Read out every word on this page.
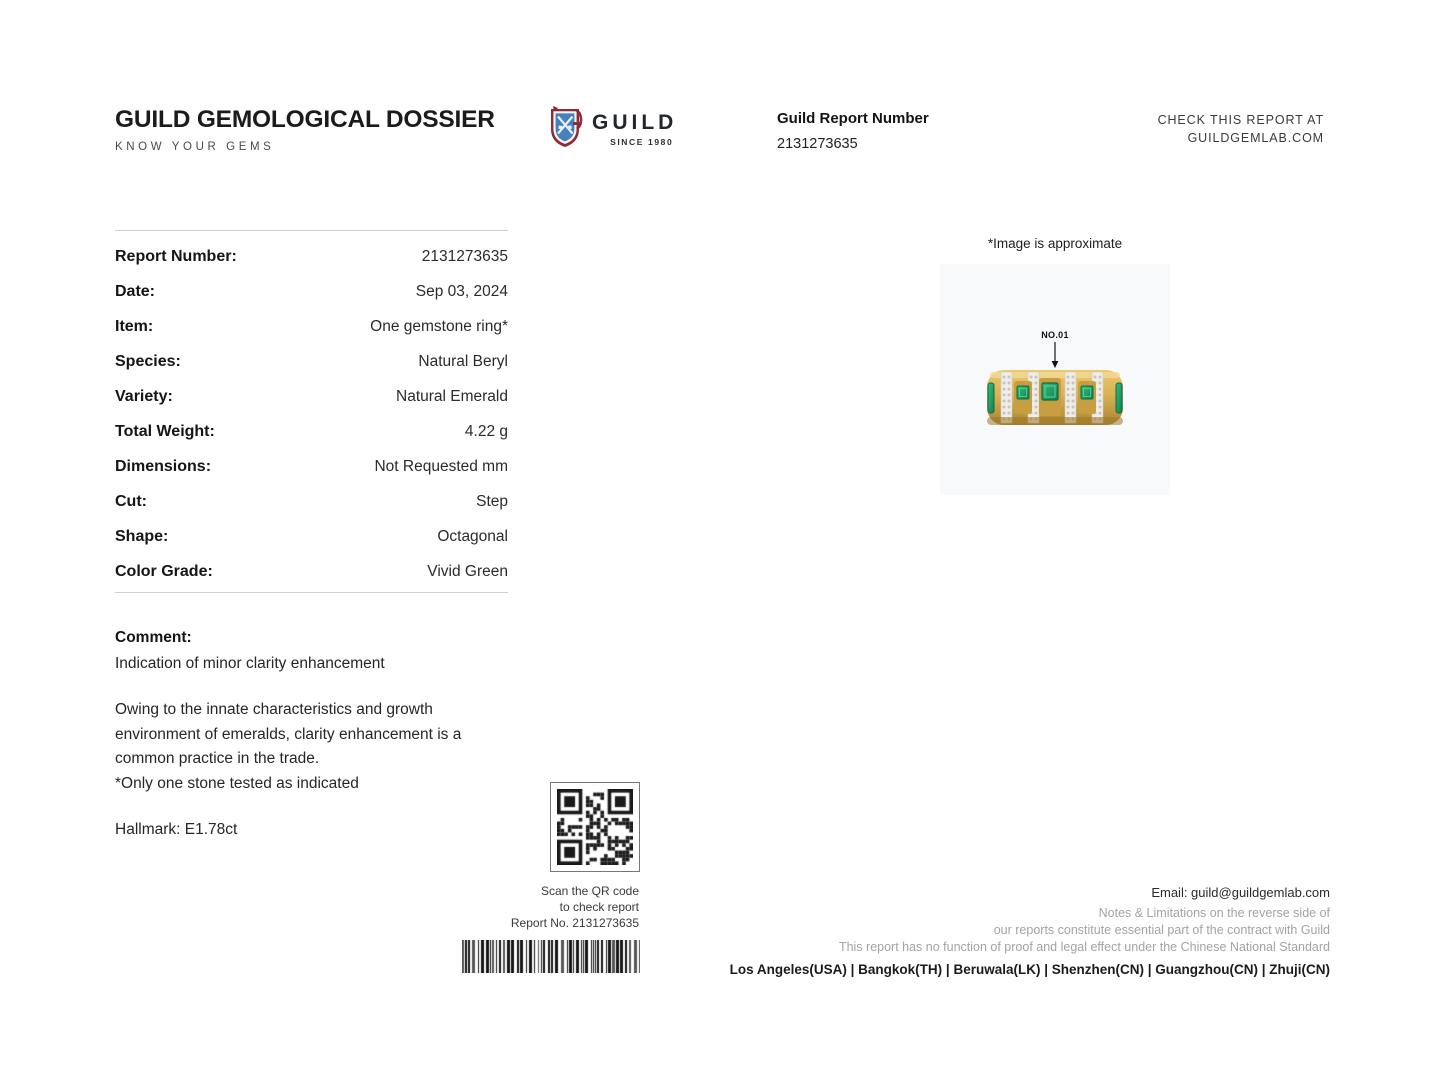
GUILD GEMOLOGICAL DOSSIER
KNOW YOUR GEMS
GUILD
SINCE 1980
Guild Report Number
2131273635
CHECK THIS REPORT AT
GUILDGEMLAB.COM
Report Number:	2131273635
Date:	Sep 03, 2024
Item:	One gemstone ring*
Species:	Natural Beryl
Variety:	Natural Emerald
Total Weight:	4.22 g
Dimensions:	Not Requested mm
Cut:	Step
Shape:	Octagonal
Color Grade:	Vivid Green
Comment:
Indication of minor clarity enhancement
Owing to the innate characteristics and growth environment of emeralds, clarity enhancement is a common practice in the trade.
*Only one stone tested as indicated
Hallmark: E1.78ct
*Image is approximate
NO.01
Scan the QR code
to check report
Report No. 2131273635
Email: guild@guildgemlab.com
Notes & Limitations on the reverse side of
our reports constitute essential part of the contract with Guild
This report has no function of proof and legal effect under the Chinese National Standard
Los Angeles(USA) | Bangkok(TH) | Beruwala(LK) | Shenzhen(CN) | Guangzhou(CN) | Zhuji(CN)
